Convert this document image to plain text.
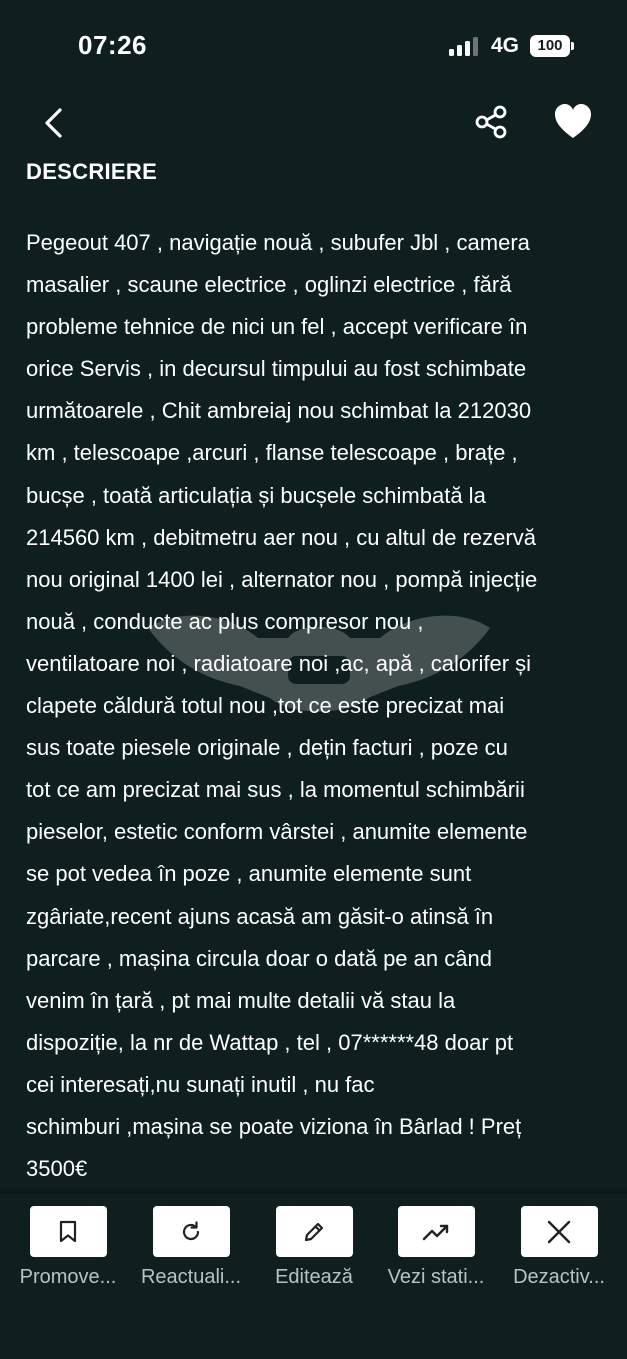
07:26	4G	100
DESCRIERE

Pegeout 407 , navigație nouă , subufer Jbl , camera
masalier , scaune electrice , oglinzi electrice , fără
probleme tehnice de nici un fel , accept verificare în
orice Servis , in decursul timpului au fost schimbate
următoarele , Chit ambreiaj nou schimbat la 212030
km , telescoape ,arcuri , flanse telescoape , brațe ,
bucșe , toată articulația și bucșele schimbată la
214560 km , debitmetru aer nou , cu altul de rezervă
nou original 1400 lei , alternator nou , pompă injecție
nouă , conducte ac plus compresor nou ,
ventilatoare noi , radiatoare noi ,ac, apă , calorifer și
clapete căldură totul nou ,tot ce este precizat mai
sus toate piesele originale , dețin facturi , poze cu
tot ce am precizat mai sus , la momentul schimbării
pieselor, estetic conform vârstei , anumite elemente
se pot vedea în poze , anumite elemente sunt
zgâriate,recent ajuns acasă am găsit-o atinsă în
parcare , mașina circula doar o dată pe an când
venim în țară , pt mai multe detalii vă stau la
dispoziție, la nr de Wattap , tel , 07******48 doar pt
cei interesați,nu sunați inutil , nu fac
schimburi ,mașina se poate viziona în Bârlad ! Preț
3500€

Promove...	Reactuali...	Editează	Vezi stati...	Dezactiv...
